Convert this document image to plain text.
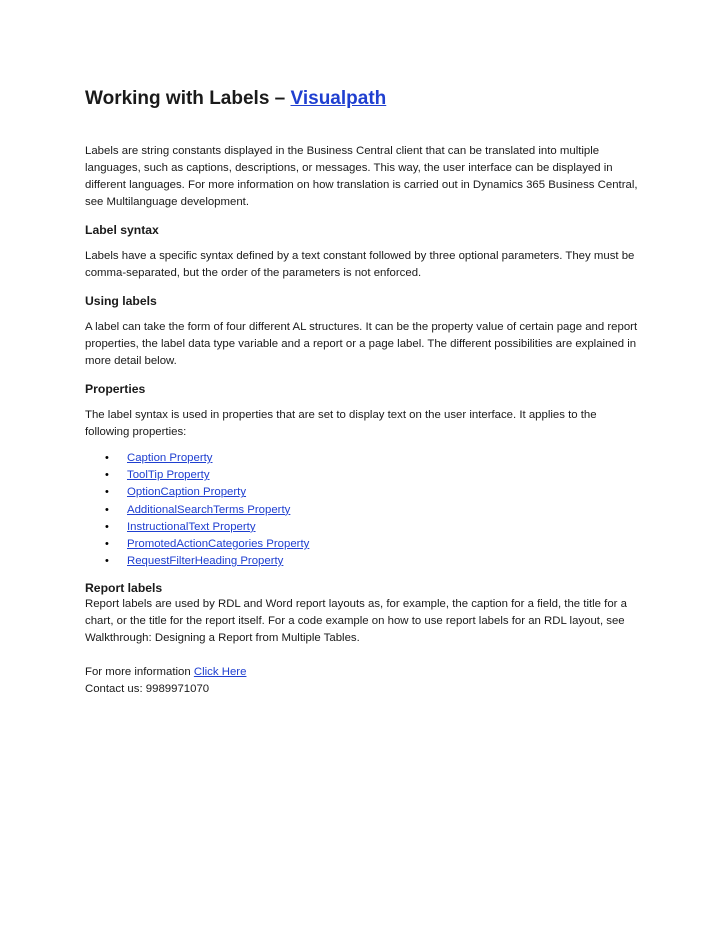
Working with Labels – Visualpath

Labels are string constants displayed in the Business Central client that can be translated into multiple languages, such as captions, descriptions, or messages. This way, the user interface can be displayed in different languages. For more information on how translation is carried out in Dynamics 365 Business Central, see Multilanguage development.

Label syntax

Labels have a specific syntax defined by a text constant followed by three optional parameters. They must be comma-separated, but the order of the parameters is not enforced.

Using labels

A label can take the form of four different AL structures. It can be the property value of certain page and report properties, the label data type variable and a report or a page label. The different possibilities are explained in more detail below.

Properties

The label syntax is used in properties that are set to display text on the user interface. It applies to the following properties:

• Caption Property
• ToolTip Property
• OptionCaption Property
• AdditionalSearchTerms Property
• InstructionalText Property
• PromotedActionCategories Property
• RequestFilterHeading Property
Report labels

Report labels are used by RDL and Word report layouts as, for example, the caption for a field, the title for a chart, or the title for the report itself. For a code example on how to use report labels for an RDL layout, see Walkthrough: Designing a Report from Multiple Tables.

For more information Click Here
Contact us: 9989971070
